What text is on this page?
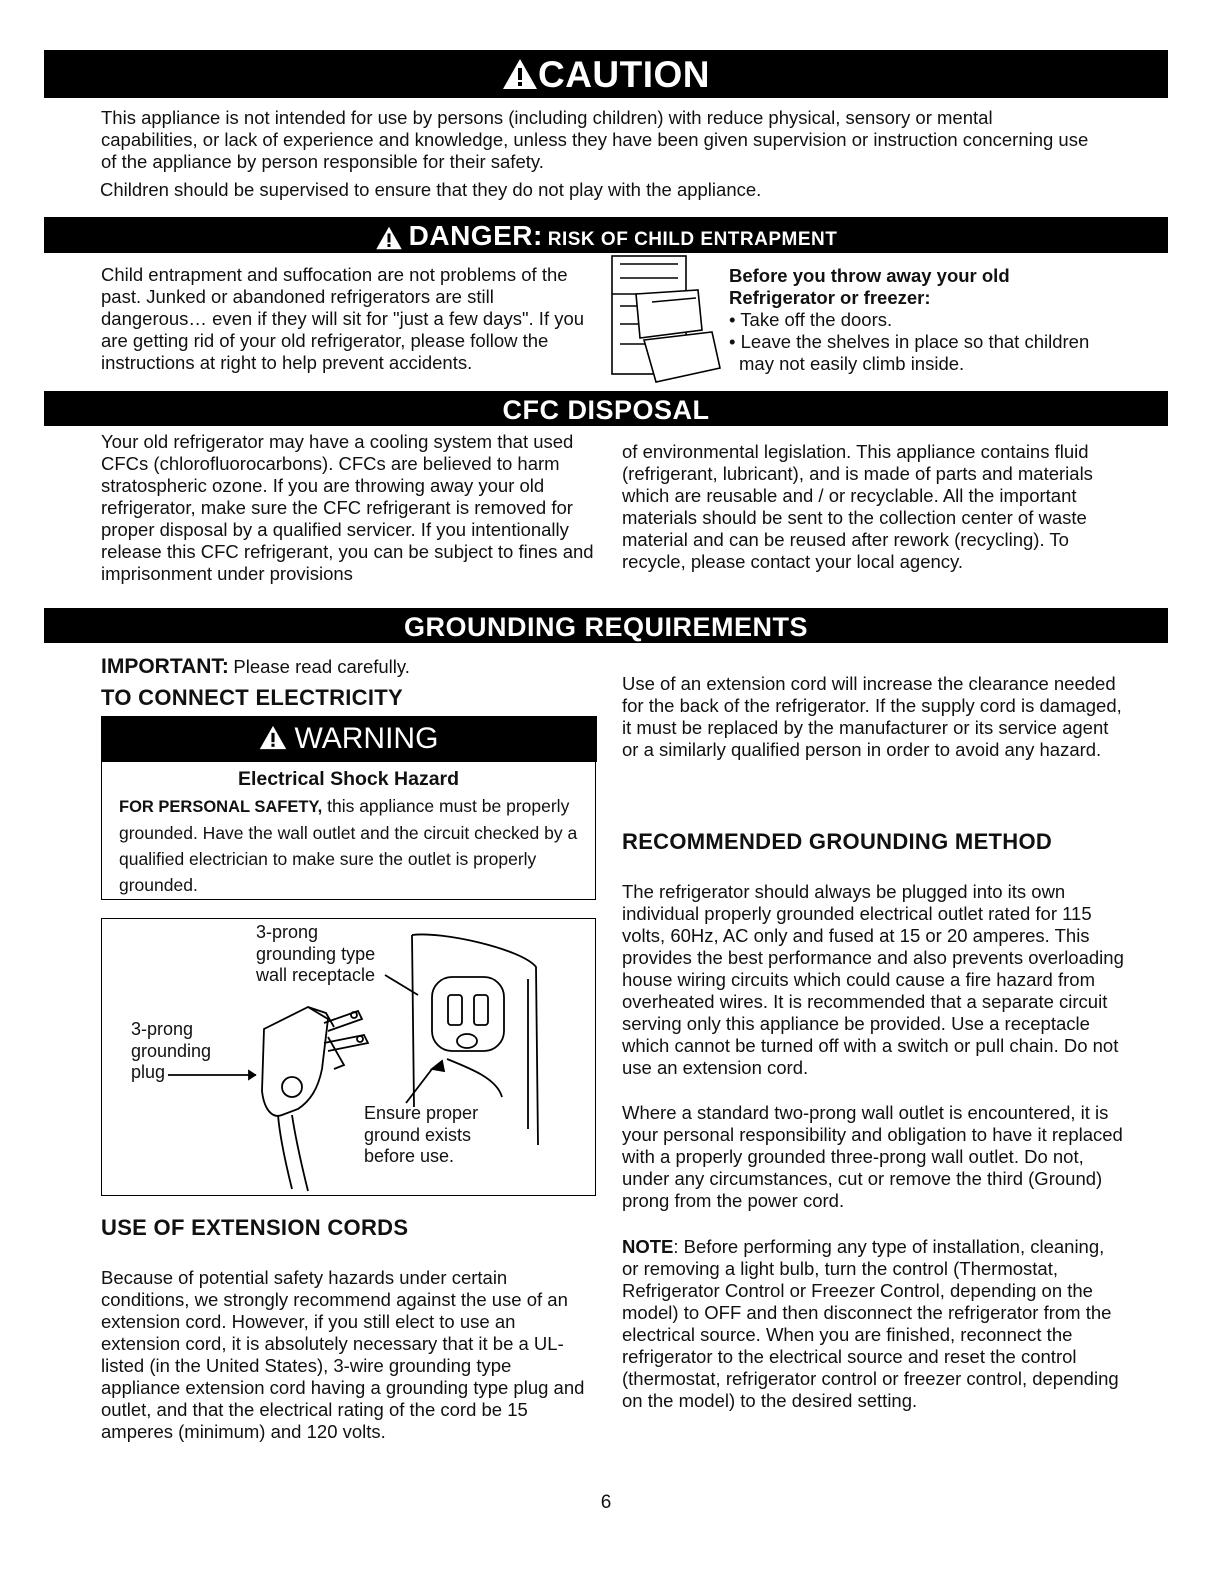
CAUTION

This appliance is not intended for use by persons (including children) with reduce physical, sensory or mental capabilities, or lack of experience and knowledge, unless they have been given supervision or instruction concerning use of the appliance by person responsible for their safety.

Children should be supervised to ensure that they do not play with the appliance.

DANGER: RISK OF CHILD ENTRAPMENT
Child entrapment and suffocation are not problems of the past. Junked or abandoned refrigerators are still dangerous… even if they will sit for "just a few days". If you are getting rid of your old refrigerator, please follow the instructions at right to help prevent accidents.
Before you throw away your old
Refrigerator or freezer:
• Take off the doors.
• Leave the shelves in place so that children
may not easily climb inside.
CFC DISPOSAL
Your old refrigerator may have a cooling system that used CFCs (chlorofluorocarbons). CFCs are believed to harm stratospheric ozone. If you are throwing away your old refrigerator, make sure the CFC refrigerant is removed for proper disposal by a qualified servicer. If you intentionally release this CFC refrigerant, you can be subject to fines and imprisonment under provisions
of environmental legislation. This appliance contains fluid (refrigerant, lubricant), and is made of parts and materials which are reusable and / or recyclable. All the important materials should be sent to the collection center of waste material and can be reused after rework (recycling). To recycle, please contact your local agency.
GROUNDING REQUIREMENTS
IMPORTANT: Please read carefully.
TO CONNECT ELECTRICITY
WARNING
Electrical Shock Hazard
FOR PERSONAL SAFETY, this appliance must be properly grounded. Have the wall outlet and the circuit checked by a qualified electrician to make sure the outlet is properly grounded.
3-prong
grounding type
wall receptacle
3-prong
grounding
plug
Ensure proper
ground exists
before use.
USE OF EXTENSION CORDS
Because of potential safety hazards under certain conditions, we strongly recommend against the use of an extension cord. However, if you still elect to use an extension cord, it is absolutely necessary that it be a UL-listed (in the United States), 3-wire grounding type appliance extension cord having a grounding type plug and outlet, and that the electrical rating of the cord be 15 amperes (minimum) and 120 volts.
Use of an extension cord will increase the clearance needed for the back of the refrigerator. If the supply cord is damaged, it must be replaced by the manufacturer or its service agent or a similarly qualified person in order to avoid any hazard.
RECOMMENDED GROUNDING METHOD
The refrigerator should always be plugged into its own individual properly grounded electrical outlet rated for 115 volts, 60Hz, AC only and fused at 15 or 20 amperes. This provides the best performance and also prevents overloading house wiring circuits which could cause a fire hazard from overheated wires. It is recommended that a separate circuit serving only this appliance be provided. Use a receptacle which cannot be turned off with a switch or pull chain. Do not use an extension cord.
Where a standard two-prong wall outlet is encountered, it is your personal responsibility and obligation to have it replaced with a properly grounded three-prong wall outlet. Do not, under any circumstances, cut or remove the third (Ground) prong from the power cord.
NOTE: Before performing any type of installation, cleaning, or removing a light bulb, turn the control (Thermostat, Refrigerator Control or Freezer Control, depending on the model) to OFF and then disconnect the refrigerator from the electrical source. When you are finished, reconnect the refrigerator to the electrical source and reset the control (thermostat, refrigerator control or freezer control, depending on the model) to the desired setting.
6
